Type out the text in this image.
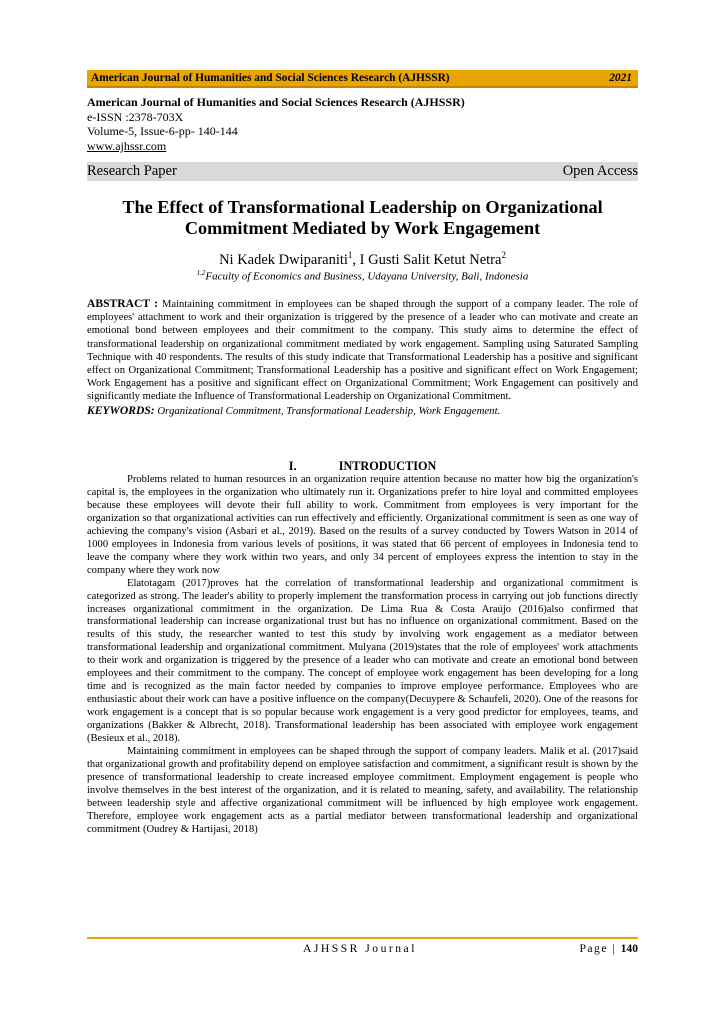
American Journal of Humanities and Social Sciences Research (AJHSSR)	2021
American Journal of Humanities and Social Sciences Research (AJHSSR)
e-ISSN :2378-703X
Volume-5, Issue-6-pp- 140-144
www.ajhssr.com
Research Paper	Open Access
The Effect of Transformational Leadership on Organizational Commitment Mediated by Work Engagement
Ni Kadek Dwiparaniti$^1$, I Gusti Salit Ketut Netra$^2$
$^{1,2}$Faculty of Economics and Business, Udayana University, Bali, Indonesia
ABSTRACT : Maintaining commitment in employees can be shaped through the support of a company leader. The role of employees' attachment to work and their organization is triggered by the presence of a leader who can motivate and create an emotional bond between employees and their commitment to the company. This study aims to determine the effect of transformational leadership on organizational commitment mediated by work engagement. Sampling using Saturated Sampling Technique with 40 respondents. The results of this study indicate that Transformational Leadership has a positive and significant effect on Organizational Commitment; Transformational Leadership has a positive and significant effect on Work Engagement; Work Engagement has a positive and significant effect on Organizational Commitment; Work Engagement can positively and significantly mediate the Influence of Transformational Leadership on Organizational Commitment.
KEYWORDS: Organizational Commitment, Transformational Leadership, Work Engagement.
I.	INTRODUCTION

Problems related to human resources in an organization require attention because no matter how big the organization's capital is, the employees in the organization who ultimately run it. Organizations prefer to hire loyal and committed employees because these employees will devote their full ability to work. Commitment from employees is very important for the organization so that organizational activities can run effectively and efficiently. Organizational commitment is seen as one way of achieving the company's vision (Asbari et al., 2019). Based on the results of a survey conducted by Towers Watson in 2014 of 1000 employees in Indonesia from various levels of positions, it was stated that 66 percent of employees in Indonesia tend to leave the company where they work within two years, and only 34 percent of employees express the intention to stay in the company where they work now

Elatotagam (2017)proves hat the correlation of transformational leadership and organizational commitment is categorized as strong. The leader's ability to properly implement the transformation process in carrying out job functions directly increases organizational commitment in the organization. De Lima Rua & Costa Araújo (2016)also confirmed that transformational leadership can increase organizational trust but has no influence on organizational commitment. Based on the results of this study, the researcher wanted to test this study by involving work engagement as a mediator between transformational leadership and organizational commitment. Mulyana (2019)states that the role of employees' work attachments to their work and organization is triggered by the presence of a leader who can motivate and create an emotional bond between employees and their commitment to the company. The concept of employee work engagement has been developing for a long time and is recognized as the main factor needed by companies to improve employee performance. Employees who are enthusiastic about their work can have a positive influence on the company(Decuypere & Schaufeli, 2020). One of the reasons for work engagement is a concept that is so popular because work engagement is a very good predictor for employees, teams, and organizations (Bakker & Albrecht, 2018). Transformational leadership has been associated with employee work engagement (Besieux et al., 2018).

Maintaining commitment in employees can be shaped through the support of company leaders. Malik et al. (2017)said that organizational growth and profitability depend on employee satisfaction and commitment, a significant result is shown by the presence of transformational leadership to create increased employee commitment. Employment engagement is people who involve themselves in the best interest of the organization, and it is related to meaning, safety, and availability. The relationship between leadership style and affective organizational commitment will be influenced by high employee work engagement. Therefore, employee work engagement acts as a partial mediator between transformational leadership and organizational commitment (Oudrey & Hartijasi, 2018)

AJHSSR Journal	Page | 140
